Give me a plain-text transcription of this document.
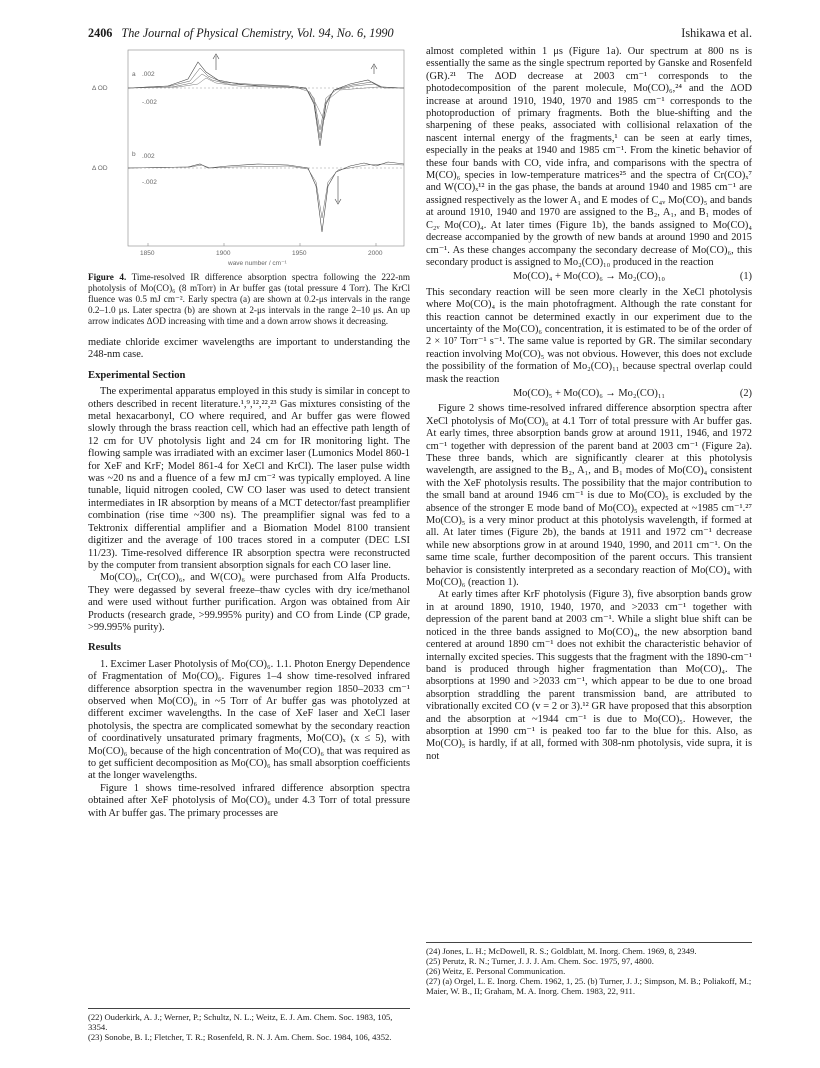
2406 The Journal of Physical Chemistry, Vol. 94, No. 6, 1990	Ishikawa et al.
a
b
.002
Δ OD
-.002
.002
Δ OD
-.002
1850	1900	1950	2000
wave number / cm⁻¹
Figure 4. Time-resolved IR difference absorption spectra following the 222-nm photolysis of Mo(CO)₆ (8 mTorr) in Ar buffer gas (total pressure 4 Torr). The KrCl fluence was 0.5 mJ cm⁻². Early spectra (a) are shown at 0.2-μs intervals in the range 0.2–1.0 μs. Later spectra (b) are shown at 2-μs intervals in the range 2–10 μs. An up arrow indicates ΔOD increasing with time and a down arrow shows it decreasing.

mediate chloride excimer wavelengths are important to understanding the 248-nm case.

Experimental Section

The experimental apparatus employed in this study is similar in concept to others described in recent literature.¹,⁹,¹²,²²,²³ Gas mixtures consisting of the metal hexacarbonyl, CO where required, and Ar buffer gas were flowed slowly through the brass reaction cell, which had an effective path length of 12 cm for UV photolysis light and 24 cm for IR monitoring light. The flowing sample was irradiated with an excimer laser (Lumonics Model 860-1 for XeF and KrF; Model 861-4 for XeCl and KrCl). The laser pulse width was ~20 ns and a fluence of a few mJ cm⁻² was typically employed. A line tunable, liquid nitrogen cooled, CW CO laser was used to detect transient intermediates in IR absorption by means of a MCT detector/fast preamplifier combination (rise time ~300 ns). The preamplifier signal was fed to a Tektronix differential amplifier and a Biomation Model 8100 transient digitizer and the average of 100 traces stored in a computer (DEC LSI 11/23). Time-resolved difference IR absorption spectra were reconstructed by the computer from transient absorption signals for each CO laser line.

Mo(CO)₆, Cr(CO)₆, and W(CO)₆ were purchased from Alfa Products. They were degassed by several freeze–thaw cycles with dry ice/methanol and were used without further purification. Argon was obtained from Air Products (research grade, >99.995% purity) and CO from Linde (CP grade, >99.995% purity).

Results

1. Excimer Laser Photolysis of Mo(CO)₆. 1.1. Photon Energy Dependence of Fragmentation of Mo(CO)₆. Figures 1–4 show time-resolved infrared difference absorption spectra in the wavenumber region 1850–2033 cm⁻¹ observed when Mo(CO)₆ in ~5 Torr of Ar buffer gas was photolyzed at different excimer wavelengths. In the case of XeF laser and XeCl laser photolysis, the spectra are complicated somewhat by the secondary reaction of coordinatively unsaturated primary fragments, Mo(CO)ₓ (x ≤ 5), with Mo(CO)₆ because of the high concentration of Mo(CO)₆ that was required as to get sufficient decomposition as Mo(CO)₆ has small absorption coefficients at the longer wavelengths.

Figure 1 shows time-resolved infrared difference absorption spectra obtained after XeF photolysis of Mo(CO)₆ under 4.3 Torr of total pressure with Ar buffer gas. The primary processes are

(22) Ouderkirk, A. J.; Werner, P.; Schultz, N. L.; Weitz, E. J. Am. Chem. Soc. 1983, 105, 3354.

(23) Sonobe, B. I.; Fletcher, T. R.; Rosenfeld, R. N. J. Am. Chem. Soc. 1984, 106, 4352.

almost completed within 1 μs (Figure 1a). Our spectrum at 800 ns is essentially the same as the single spectrum reported by Ganske and Rosenfeld (GR).²¹ The ΔOD decrease at 2003 cm⁻¹ corresponds to the photodecomposition of the parent molecule, Mo(CO)₆,²⁴ and the ΔOD increase at around 1910, 1940, 1970 and 1985 cm⁻¹ corresponds to the photoproduction of primary fragments. Both the blue-shifting and the sharpening of these peaks, associated with collisional relaxation of the nascent internal energy of the fragments,¹ can be seen at early times, especially in the peaks at 1940 and 1985 cm⁻¹. From the kinetic behavior of these four bands with CO, vide infra, and comparisons with the spectra of M(CO)₆ species in low-temperature matrices²⁵ and the spectra of Cr(CO)ₓ⁷ and W(CO)ₓ¹² in the gas phase, the bands at around 1940 and 1985 cm⁻¹ are assigned respectively as the lower A₁ and E modes of C₄ᵥ Mo(CO)₅ and bands at around 1910, 1940 and 1970 are assigned to the B₂, A₁, and B₁ modes of C₂ᵥ Mo(CO)₄. At later times (Figure 1b), the bands assigned to Mo(CO)₄ decrease accompanied by the growth of new bands at around 1990 and 2015 cm⁻¹. As these changes accompany the secondary decrease of Mo(CO)₆, this secondary product is assigned to Mo₂(CO)₁₀ produced in the reaction

Mo(CO)₄ + Mo(CO)₆ → Mo₂(CO)₁₀	(1)

This secondary reaction will be seen more clearly in the XeCl photolysis where Mo(CO)₄ is the main photofragment. Although the rate constant for this reaction cannot be determined exactly in our experiment due to the uncertainty of the Mo(CO)₆ concentration, it is estimated to be of the order of 2 × 10⁷ Torr⁻¹ s⁻¹. The same value is reported by GR. The similar secondary reaction involving Mo(CO)₅ was not obvious. However, this does not exclude the possibility of the formation of Mo₂(CO)₁₁ because spectral overlap could mask the reaction

Mo(CO)₅ + Mo(CO)₆ → Mo₂(CO)₁₁	(2)

Figure 2 shows time-resolved infrared difference absorption spectra after XeCl photolysis of Mo(CO)₆ at 4.1 Torr of total pressure with Ar buffer gas. At early times, three absorption bands grow at around 1911, 1946, and 1972 cm⁻¹ together with depression of the parent band at 2003 cm⁻¹ (Figure 2a). These three bands, which are significantly clearer at this photolysis wavelength, are assigned to the B₂, A₁, and B₁ modes of Mo(CO)₄ consistent with the XeF photolysis results. The possibility that the major contribution to the small band at around 1946 cm⁻¹ is due to Mo(CO)₅ is excluded by the absence of the stronger E mode band of Mo(CO)₅ expected at ~1985 cm⁻¹.²⁷ Mo(CO)₅ is a very minor product at this photolysis wavelength, if formed at all. At later times (Figure 2b), the bands at 1911 and 1972 cm⁻¹ decrease while new absorptions grow in at around 1940, 1990, and 2011 cm⁻¹. On the same time scale, further decomposition of the parent occurs. This transient behavior is consistently interpreted as a secondary reaction of Mo(CO)₄ with Mo(CO)₆ (reaction 1).

At early times after KrF photolysis (Figure 3), five absorption bands grow in at around 1890, 1910, 1940, 1970, and >2033 cm⁻¹ together with depression of the parent band at 2003 cm⁻¹. While a slight blue shift can be noticed in the three bands assigned to Mo(CO)₄, the new absorption band centered at around 1890 cm⁻¹ does not exhibit the characteristic behavior of internally excited species. This suggests that the fragment with the 1890-cm⁻¹ band is produced through higher fragmentation than Mo(CO)₄. The absorptions at 1990 and >2033 cm⁻¹, which appear to be due to one broad absorption straddling the parent transmission band, are attributed to vibrationally excited CO (v = 2 or 3).¹² GR have proposed that this absorption and the absorption at ~1944 cm⁻¹ is due to Mo(CO)₅. However, the absorption at 1990 cm⁻¹ is peaked too far to the blue for this. Also, as Mo(CO)₅ is hardly, if at all, formed with 308-nm photolysis, vide supra, it is not

(24) Jones, L. H.; McDowell, R. S.; Goldblatt, M. Inorg. Chem. 1969, 8, 2349.

(25) Perutz, R. N.; Turner, J. J. J. Am. Chem. Soc. 1975, 97, 4800.

(26) Weitz, E. Personal Communication.

(27) (a) Orgel, L. E. Inorg. Chem. 1962, 1, 25. (b) Turner, J. J.; Simpson, M. B.; Poliakoff, M.; Maier, W. B., II; Graham, M. A. Inorg. Chem. 1983, 22, 911.
